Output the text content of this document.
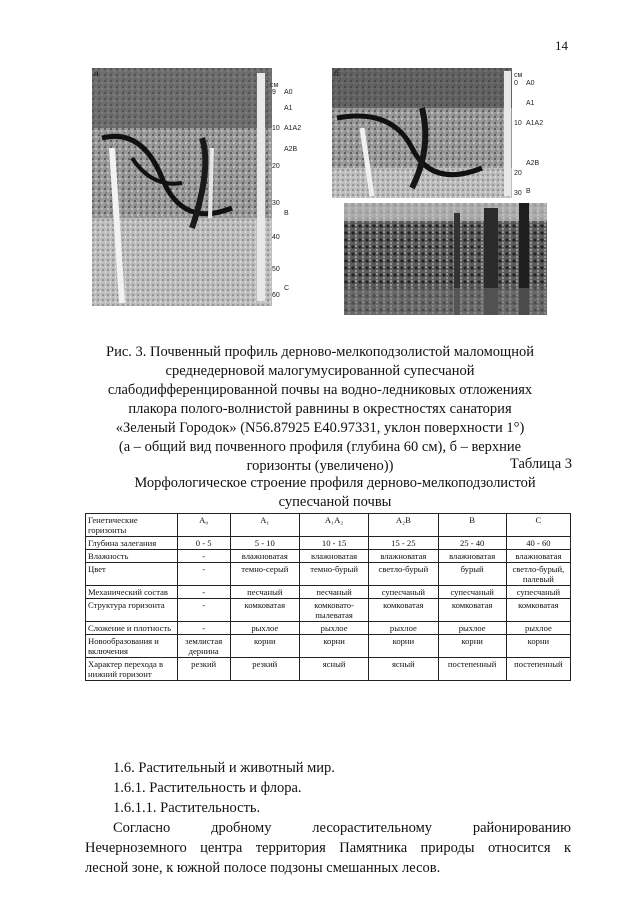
14
а
см
9 A0
A1
10 A1A2
A2B
20
30
B
40
50
60
C
б	см
0 A0
A1
10 A1A2
A2B
20
30 B
Рис. 3. Почвенный профиль дерново-мелкоподзолистой маломощной
среднедерновой малогумусированной супесчаной
слабодифференцированной почвы на водно-ледниковых отложениях
плакора полого-волнистой равнины в окрестностях санатория
«Зеленый Городок» (N56.87925 E40.97331, уклон поверхности 1°)
(а – общий вид почвенного профиля (глубина 60 см), б – верхние
горизонты (увеличено))	Таблица 3
Морфологическое строение профиля дерново-мелкоподзолистой
супесчаной почвы
Генетические горизонты	A₀	A₁	A₁A₂	A₂B	B	C
Глубина залегания	0 - 5	5 - 10	10 - 15	15 - 25	25 - 40	40 - 60
Влажность	-	влажноватая	влажноватая	влажноватая	влажноватая	влажноватая
Цвет	-	темно-серый	темно-бурый	светло-бурый	бурый	светло-бурый, палевый
Механический состав	-	песчаный	песчаный	супесчаный	супесчаный	супесчаный
Структура горизонта	-	комковатая	комковато-пылеватая	комковатая	комковатая	комковатая
Сложение и плотность	-	рыхлое	рыхлое	рыхлое	рыхлое	рыхлое
Новообразования и включения	землистая дернина	корни	корни	корни	корни	корни
Характер перехода в нижний горизонт	резкий	резкий	ясный	ясный	постепенный	постепенный
1.6. Растительный и животный мир.
1.6.1. Растительность и флора.
1.6.1.1. Растительность.
Согласно дробному лесорастительному районированию
Нечерноземного центра территория Памятника природы относится к
лесной зоне, к южной полосе подзоны смешанных лесов.
